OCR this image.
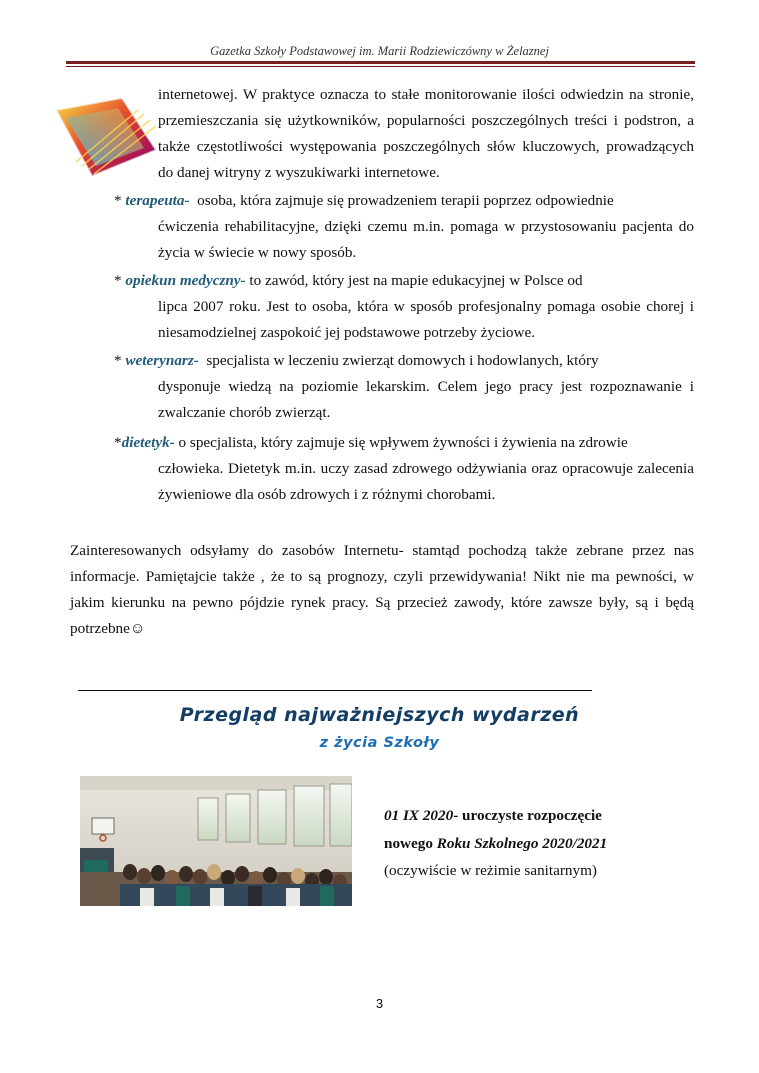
Gazetka Szkoły Podstawowej im. Marii Rodziewiczówny w Żelaznej
internetowej. W praktyce oznacza to stałe monitorowanie ilości odwiedzin na stronie,
przemieszczania się użytkowników, popularności poszczególnych treści i podstron, a
także częstotliwości występowania poszczególnych słów kluczowych, prowadzących
do danej witryny z wyszukiwarki internetowe.
* terapeuta-  osoba, która zajmuje się prowadzeniem terapii poprzez odpowiednie
ćwiczenia rehabilitacyjne, dzięki czemu m.in. pomaga w przystosowaniu pacjenta do
życia w świecie w nowy sposób.
* opiekun medyczny- to zawód, który jest na mapie edukacyjnej w Polsce od
lipca 2007 roku. Jest to osoba, która w sposób profesjonalny pomaga osobie chorej i
niesamodzielnej zaspokoić jej podstawowe potrzeby życiowe.
* weterynarz-  specjalista w leczeniu zwierząt domowych i hodowlanych, który
dysponuje wiedzą na poziomie lekarskim. Celem jego pracy jest rozpoznawanie i
zwalczanie chorób zwierząt.
*dietetyk- o specjalista, który zajmuje się wpływem żywności i żywienia na zdrowie
człowieka. Dietetyk m.in. uczy zasad zdrowego odżywiania oraz opracowuje zalecenia
żywieniowe dla osób zdrowych i z różnymi chorobami.
Zainteresowanych odsyłamy do zasobów Internetu- stamtąd pochodzą także zebrane przez nas
informacje. Pamiętajcie także , że to są prognozy, czyli przewidywania! Nikt nie ma pewności, w
jakim kierunku na pewno pójdzie rynek pracy. Są przecież zawody, które zawsze były, są i będą
potrzebne☺
Przegląd najważniejszych wydarzeń
z życia Szkoły
01 IX 2020- uroczyste rozpoczęcie
nowego Roku Szkolnego 2020/2021
(oczywiście w reżimie sanitarnym)
3
